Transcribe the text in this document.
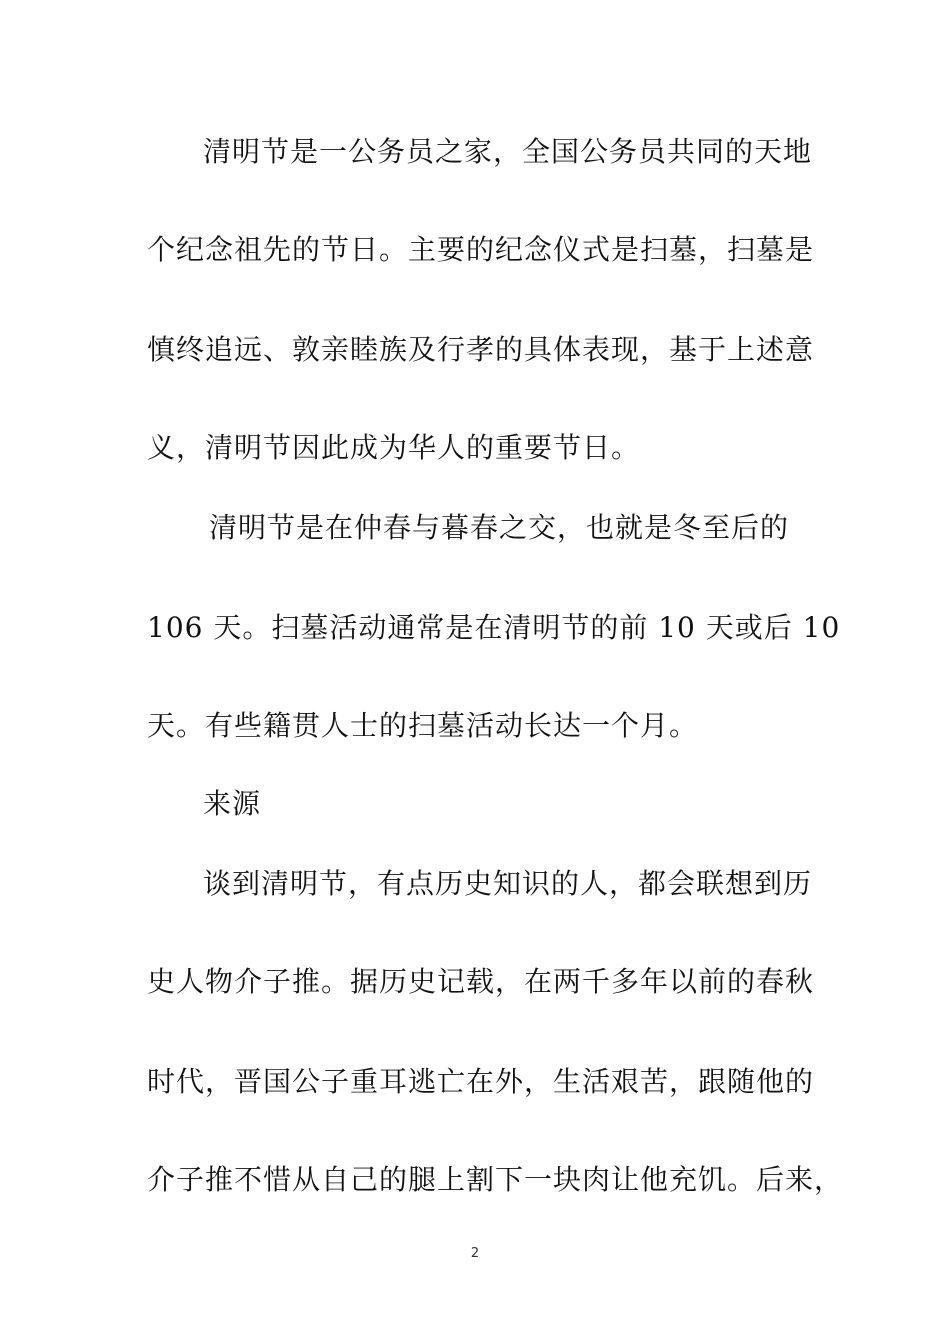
清明节是一公务员之家，全国公务员共同的天地
个纪念祖先的节日。主要的纪念仪式是扫墓，扫墓是
慎终追远、敦亲睦族及行孝的具体表现，基于上述意
义，清明节因此成为华人的重要节日。
清明节是在仲春与暮春之交，也就是冬至后的
106 天。扫墓活动通常是在清明节的前 10 天或后 10
天。有些籍贯人士的扫墓活动长达一个月。
来源
谈到清明节，有点历史知识的人，都会联想到历
史人物介子推。据历史记载，在两千多年以前的春秋
时代，晋国公子重耳逃亡在外，生活艰苦，跟随他的
介子推不惜从自己的腿上割下一块肉让他充饥。后来，
2
